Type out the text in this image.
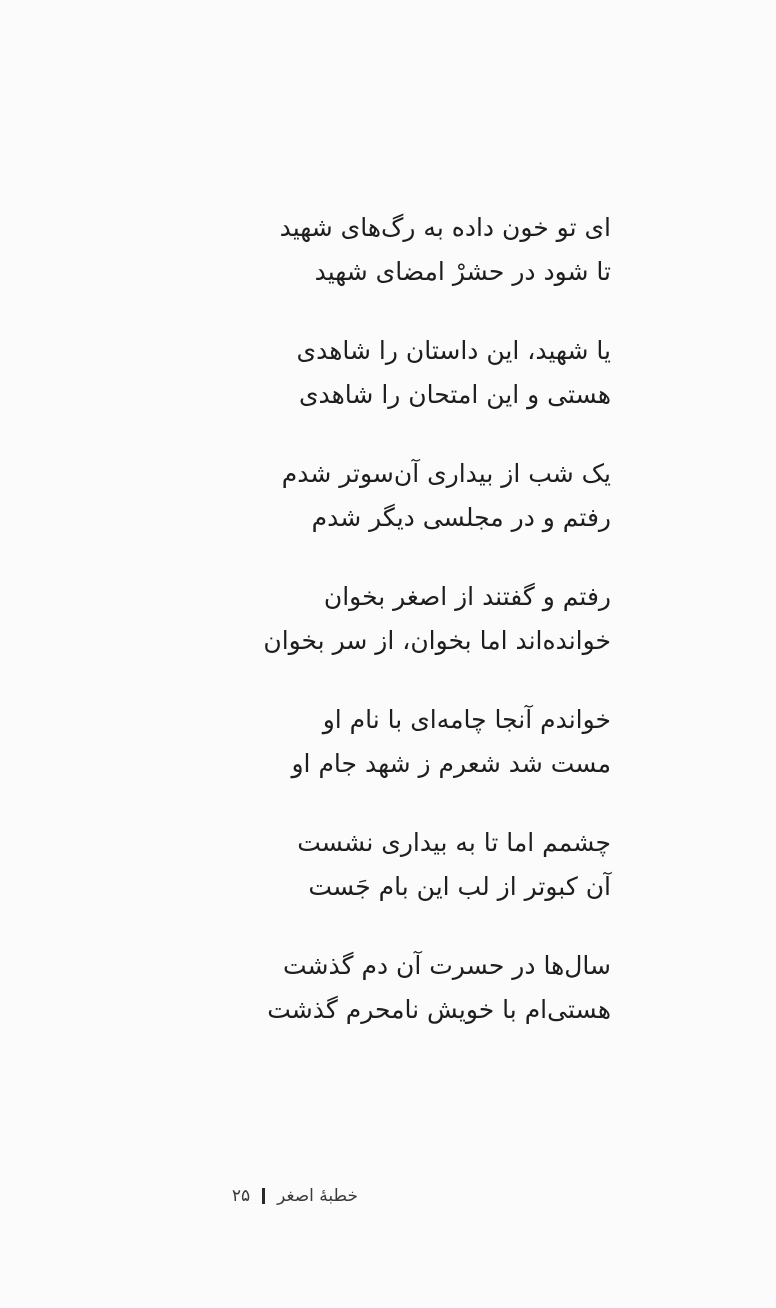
ای تو خون داده به رگ‌های شهید
تا شود در حشرْ امضای شهید
یا شهید، این داستان را شاهدی
هستی و این امتحان را شاهدی
یک شب از بیداری آن‌سوتر شدم
رفتم و در مجلسی دیگر شدم
رفتم و گفتند از اصغر بخوان
خوانده‌اند اما بخوان، از سر بخوان
خواندم آنجا چامه‌ای با نام او
مست شد شعرم ز شهد جام او
چشمم اما تا به بیداری نشست
آن کبوتر از لب این بام جَست
سال‌ها در حسرت آن دم گذشت
هستی‌ام با خویش نامحرم گذشت
خطبهٔ اصغر
۲۵
